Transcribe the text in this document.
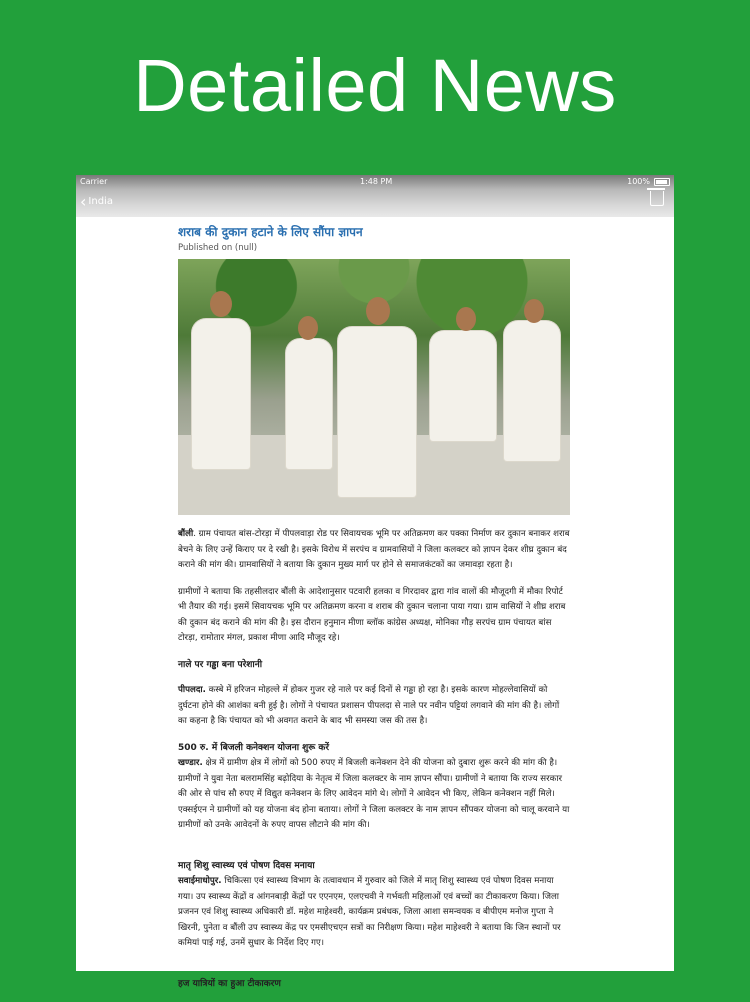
Detailed News
Carrier	1:48 PM	100%
‹ India
शराब की दुकान हटाने के लिए सौंपा ज्ञापन
Published on (null)

बौंली. ग्राम पंचायत बांस-टोरड़ा में पीपलवाड़ा रोड पर सिवायचक भूमि पर अतिक्रमण कर पक्का निर्माण कर दुकान बनाकर शराब बेचने के लिए उन्हें किराए पर दे रखी है। इसके विरोध में सरपंच व ग्रामवासियों ने जिला कलक्टर को ज्ञापन देकर शीघ्र दुकान बंद कराने की मांग की। ग्रामवासियों ने बताया कि दुकान मुख्य मार्ग पर होने से समाजकंटकों का जमावड़ा रहता है।

ग्रामीणों ने बताया कि तहसीलदार बौंली के आदेशानुसार पटवारी हलका व गिरदावर द्वारा गांव वालों की मौजूदगी में मौका रिपोर्ट भी तैयार की गई। इसमें सिवायचक भूमि पर अतिक्रमण करना व शराब की दुकान चलाना पाया गया। ग्राम वासियों ने शीघ्र शराब की दुकान बंद कराने की मांग की है। इस दौरान हनुमान मीणा ब्लॉक कांग्रेस अध्यक्ष, मोनिका गौड़ सरपंच ग्राम पंचायत बांस टोरड़ा, रामोतार मंगल, प्रकाश मीणा आदि मौजूद रहे।

नाले पर गड्ढा बना परेशानी

पीपलदा. कस्बे में हरिजन मोहल्ले में होकर गुजर रहे नाले पर कई दिनों से गड्ढा हो रहा है। इसके कारण मोहल्लेवासियों को दुर्घटना होने की आशंका बनी हुई है। लोगों ने पंचायत प्रशासन पीपलदा से नाले पर नवीन पट्टियां लगवाने की मांग की है। लोगों का कहना है कि पंचायत को भी अवगत कराने के बाद भी समस्या जस की तस है।

500 रु. में बिजली कनेक्शन योजना शुरू करें

खण्डार. क्षेत्र में ग्रामीण क्षेत्र में लोगों को 500 रुपए में बिजली कनेक्शन देने की योजना को दुबारा शुरू करने की मांग की है। ग्रामीणों ने युवा नेता बलरामसिंह बढ़ोदिया के नेतृत्व में जिला कलक्टर के नाम ज्ञापन सौंपा। ग्रामीणों ने बताया कि राज्य सरकार की ओर से पांच सौ रुपए में विद्युत कनेक्शन के लिए आवेदन मांगे थे। लोगों ने आवेदन भी किए, लेकिन कनेक्शन नहीं मिले। एक्सईएन ने ग्रामीणों को यह योजना बंद होना बताया। लोगों ने जिला कलक्टर के नाम ज्ञापन सौंपकर योजना को चालू करवाने या ग्रामीणों को उनके आवेदनों के रुपए वापस लौटाने की मांग की।

मातृ शिशु स्वास्थ्य एवं पोषण दिवस मनाया

सवाईमाधोपुर. चिकित्सा एवं स्वास्थ्य विभाग के तत्वावधान में गुरुवार को जिले में मातृ शिशु स्वास्थ्य एवं पोषण दिवस मनाया गया। उप स्वास्थ्य केंद्रों व आंगनबाड़ी केंद्रों पर एएनएम, एलएचवी ने गर्भवती महिलाओं एवं बच्चों का टीकाकरण किया। जिला प्रजनन एवं शिशु स्वास्थ्य अधिकारी डॉ. महेश माहेश्वरी, कार्यक्रम प्रबंधक, जिला आशा समन्वयक व बीपीएम मनोज गुप्ता ने खिरनी, पुनेता व बौंली उप स्वास्थ्य केंद्र पर एमसीएचएन सत्रों का निरीक्षण किया। महेश माहेश्वरी ने बताया कि जिन स्थानों पर कमियां पाई गई, उनमें सुधार के निर्देश दिए गए।

हज यात्रियों का हुआ टीकाकरण
